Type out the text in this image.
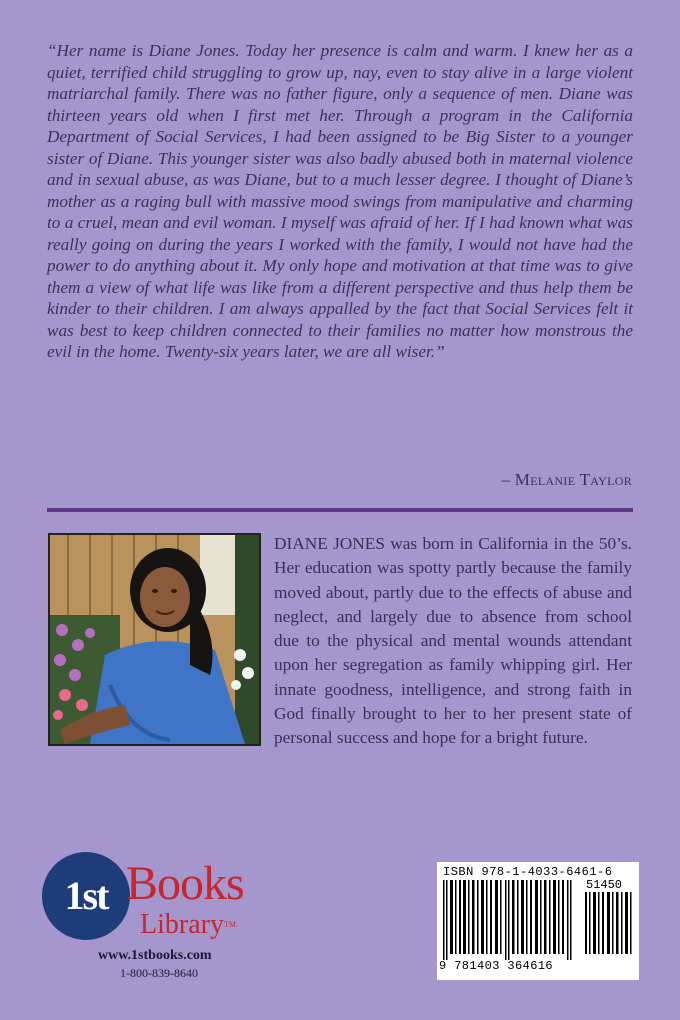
“Her name is Diane Jones. Today her presence is calm and warm. I knew her as a quiet, terrified child struggling to grow up, nay, even to stay alive in a large violent matriarchal family. There was no father figure, only a sequence of men. Diane was thirteen years old when I first met her. Through a program in the California Department of Social Services, I had been assigned to be Big Sister to a younger sister of Diane. This younger sister was also badly abused both in maternal violence and in sexual abuse, as was Diane, but to a much lesser degree. I thought of Diane’s mother as a raging bull with massive mood swings from manipulative and charming to a cruel, mean and evil woman. I myself was afraid of her. If I had known what was really going on during the years I worked with the family, I would not have had the power to do anything about it. My only hope and motivation at that time was to give them a view of what life was like from a different perspective and thus help them be kinder to their children. I am always appalled by the fact that Social Services felt it was best to keep children connected to their families no matter how monstrous the evil in the home. Twenty-six years later, we are all wiser.”

– Melanie Taylor

DIANE JONES was born in California in the 50’s. Her education was spotty partly because the family moved about, partly due to the effects of abuse and neglect, and largely due to absence from school due to the physical and mental wounds attendant upon her segregation as family whipping girl. Her innate goodness, intelligence, and strong faith in God finally brought to her to her present state of personal success and hope for a bright future.

1st Books
Library™
www.1stbooks.com
1-800-839-8640
ISBN 978-1-4033-6461-6
51450
9 781403 364616
